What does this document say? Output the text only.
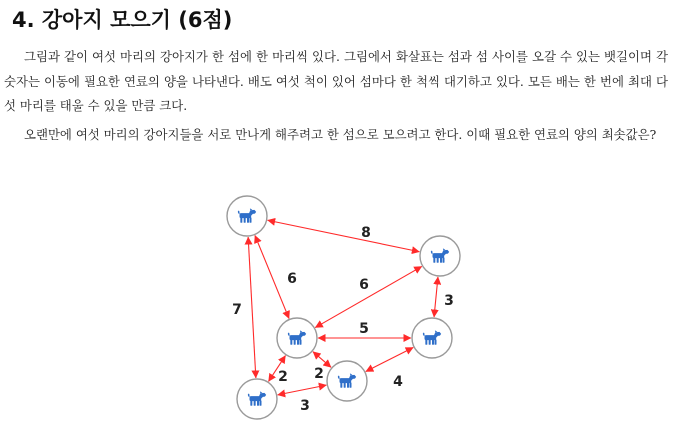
4. 강아지 모으기 (6점)

그림과 같이 여섯 마리의 강아지가 한 섬에 한 마리씩 있다. 그림에서 화살표는 섬과 섬 사이를 오갈 수 있는 뱃길이며 각 숫자는 이동에 필요한 연료의 양을 나타낸다. 배도 여섯 척이 있어 섬마다 한 척씩 대기하고 있다. 모든 배는 한 번에 최대 다섯 마리를 태울 수 있을 만큼 크다.

오랜만에 여섯 마리의 강아지들을 서로 만나게 해주려고 한 섬으로 모으려고 한다. 이때 필요한 연료의 양의 최솟값은?

8
6
7
6
3
5
2 2
3
4
